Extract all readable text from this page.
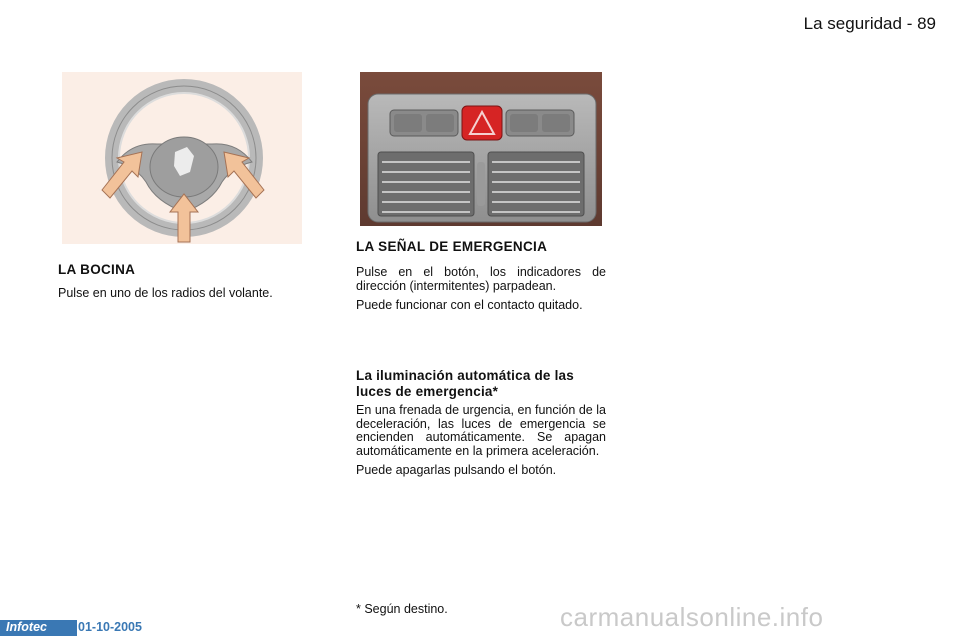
La seguridad - 89
LA BOCINA
Pulse en uno de los radios del volante.
LA SEÑAL DE EMERGENCIA
Pulse en el botón, los indicadores de dirección (intermitentes) parpadean.
Puede funcionar con el contacto quitado.
La iluminación automática de las luces de emergencia*
En una frenada de urgencia, en función de la deceleración, las luces de emergencia se encienden automáticamente. Se apagan automáticamente en la primera aceleración.
Puede apagarlas pulsando el botón.
* Según destino.
Infotec 01-10-2005	carmanualsonline.info
